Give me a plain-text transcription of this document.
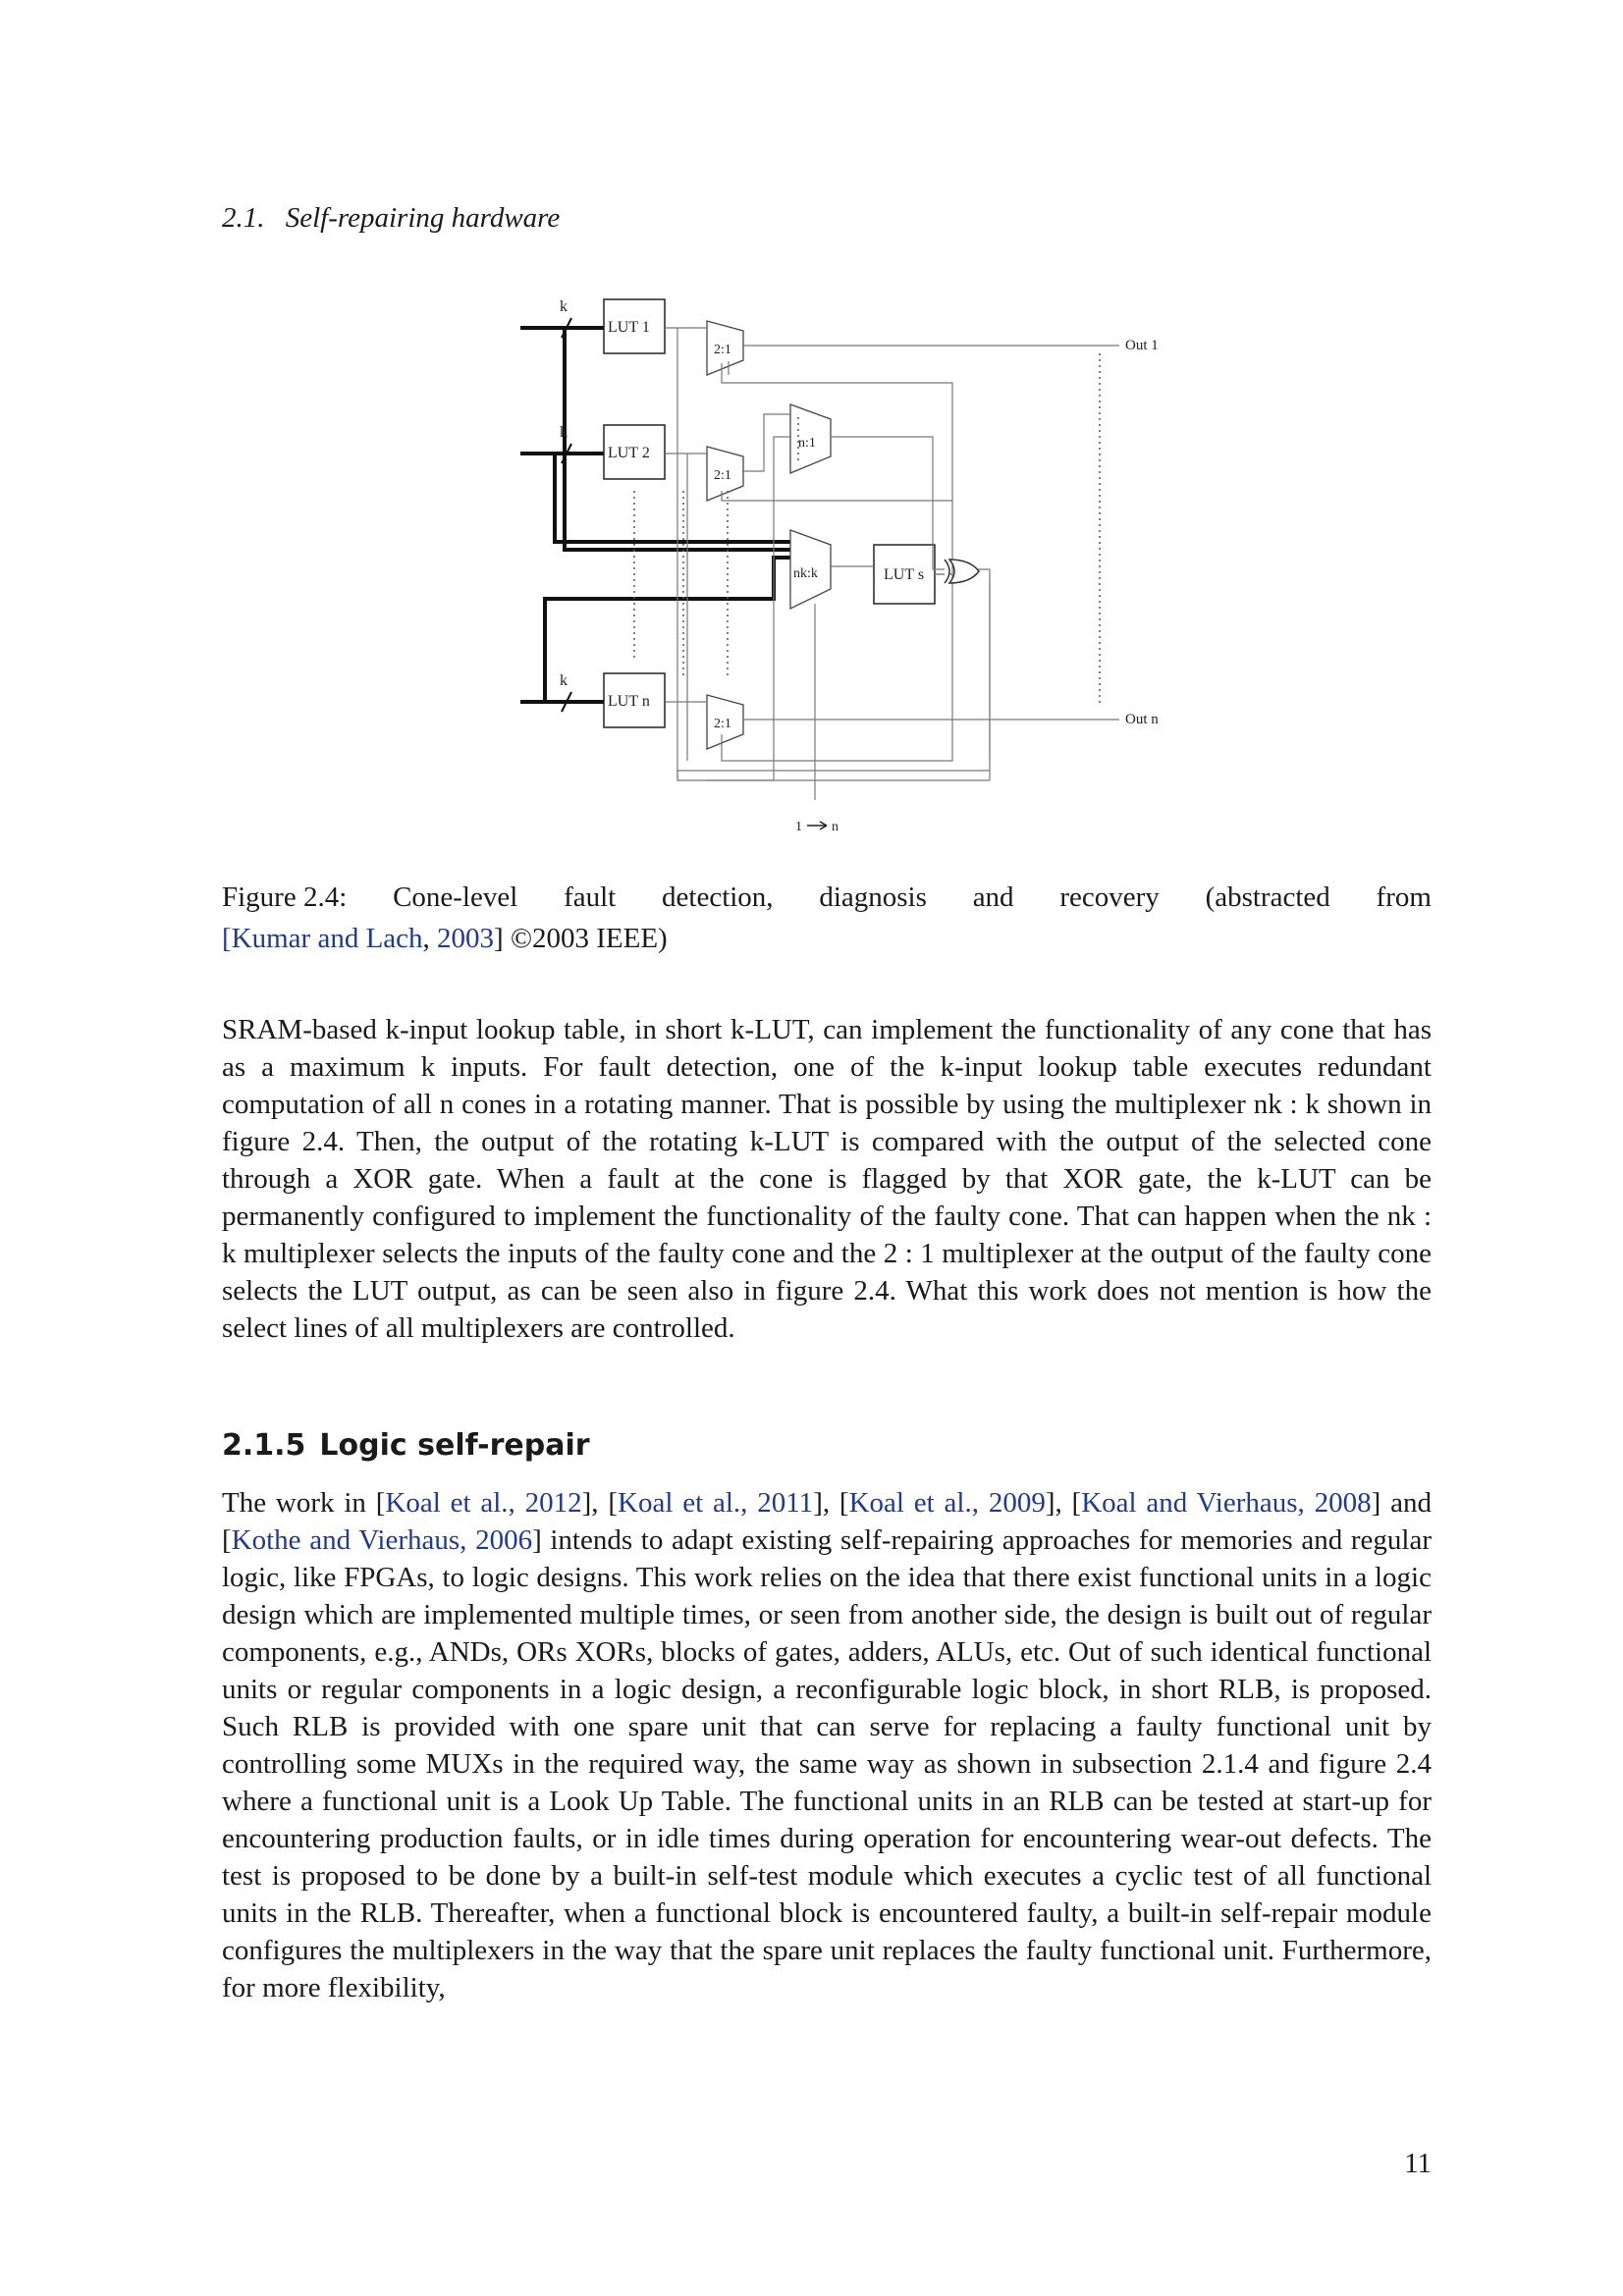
2.1. Self-repairing hardware
k
k
k
LUT 1
LUT 2
LUT n
LUT s
2:1
2:1
2:1
n:1
nk:k
Out 1
Out n
1 n
Figure 2.4: Cone-level fault detection, diagnosis and recovery (abstracted from
[Kumar and Lach, 2003] ©2003 IEEE)
SRAM-based k-input lookup table, in short k-LUT, can implement the functionality of any cone that has as a maximum k inputs. For fault detection, one of the k-input lookup table executes redundant computation of all n cones in a rotating manner. That is possible by using the multiplexer nk : k shown in figure 2.4. Then, the output of the rotating k-LUT is compared with the output of the selected cone through a XOR gate. When a fault at the cone is flagged by that XOR gate, the k-LUT can be permanently configured to implement the functionality of the faulty cone. That can happen when the nk : k multiplexer selects the inputs of the faulty cone and the 2 : 1 multiplexer at the output of the faulty cone selects the LUT output, as can be seen also in figure 2.4. What this work does not mention is how the select lines of all multiplexers are controlled.
2.1.5 Logic self-repair
The work in [Koal et al., 2012], [Koal et al., 2011], [Koal et al., 2009], [Koal and Vierhaus, 2008] and [Kothe and Vierhaus, 2006] intends to adapt existing self-repairing approaches for memories and regular logic, like FPGAs, to logic designs. This work relies on the idea that there exist functional units in a logic design which are implemented multiple times, or seen from another side, the design is built out of regular components, e.g., ANDs, ORs XORs, blocks of gates, adders, ALUs, etc. Out of such identical functional units or regular components in a logic design, a reconfigurable logic block, in short RLB, is proposed. Such RLB is provided with one spare unit that can serve for replacing a faulty functional unit by controlling some MUXs in the required way, the same way as shown in subsection 2.1.4 and figure 2.4 where a functional unit is a Look Up Table. The functional units in an RLB can be tested at start-up for encountering production faults, or in idle times during operation for encountering wear-out defects. The test is proposed to be done by a built-in self-test module which executes a cyclic test of all functional units in the RLB. Thereafter, when a functional block is encountered faulty, a built-in self-repair module configures the multiplexers in the way that the spare unit replaces the faulty functional unit. Furthermore, for more flexibility,
11
